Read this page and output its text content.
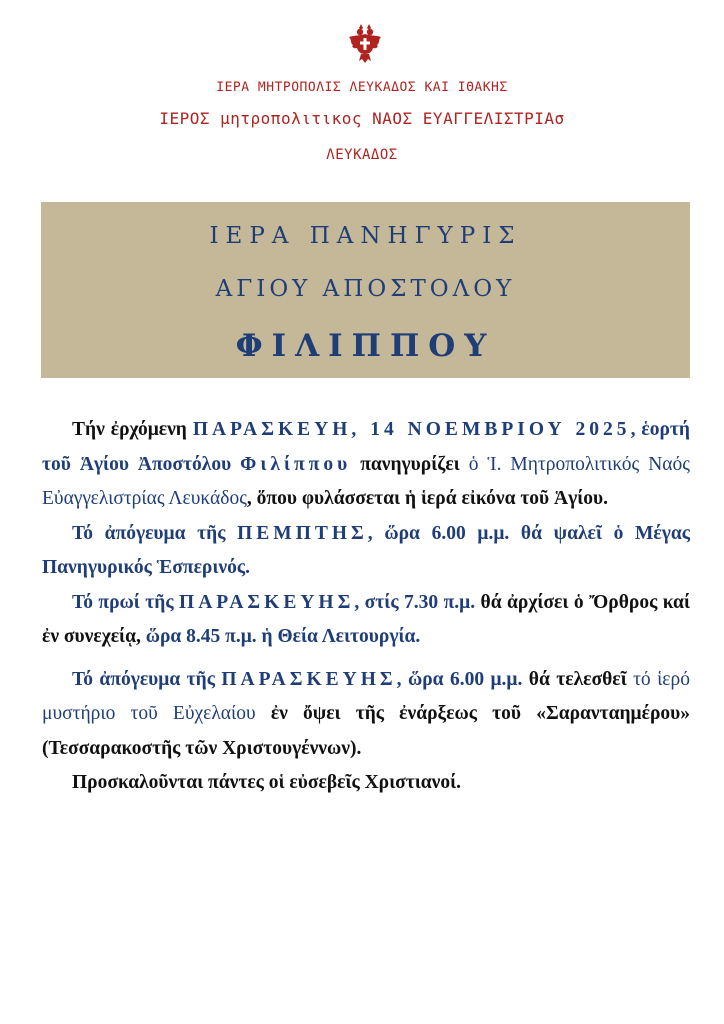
ΙΕΡΑ ΜΗΤΡΟΠΟΛΙΣ ΛΕΥΚΑΔΟΣ ΚΑΙ ΙΘΑΚΗΣ
ΙΕΡΟΣ μητροπολιτικος ΝΑΟΣ ΕΥΑΓΓΕΛΙΣΤΡΙΑσ
ΛΕΥΚΑΔΟΣ
ΙΕΡΑ ΠΑΝΗΓΥΡΙΣ
ΑΓΙΟΥ ΑΠΟΣΤΟΛΟΥ
ΦΙΛΙΠΠΟΥ

Τήν ἐρχόμενη ΠΑΡΑΣΚΕΥΗ, 14 ΝΟΕΜΒΡΙΟΥ 2025, ἑορτή τοῦ Ἁγίου Ἀποστόλου Φιλίππου πανηγυρίζει ὁ Ἱ. Μητροπολιτικός Ναός Εὐαγγελιστρίας Λευκάδος, ὅπου φυλάσσεται ἡ ἱερά εἰκόνα τοῦ Ἁγίου.

Τό ἀπόγευμα τῆς ΠΕΜΠΤΗΣ, ὥρα 6.00 μ.μ. θά ψαλεῖ ὁ Μέγας Πανηγυρικός Ἑσπερινός.

Τό πρωί τῆς ΠΑΡΑΣΚΕΥΗΣ, στίς 7.30 π.μ. θά ἀρχίσει ὁ Ὄρθρος καί ἐν συνεχείᾳ, ὥρα 8.45 π.μ. ἡ Θεία Λειτουργία.

Τό ἀπόγευμα τῆς ΠΑΡΑΣΚΕΥΗΣ, ὥρα 6.00 μ.μ. θά τελεσθεῖ τό ἱερό μυστήριο τοῦ Εὐχελαίου ἐν ὄψει τῆς ἐνάρξεως τοῦ «Σαρανταημέρου» (Τεσσαρακοστῆς τῶν Χριστουγέννων).

Προσκαλοῦνται πάντες οἱ εὐσεβεῖς Χριστιανοί.
